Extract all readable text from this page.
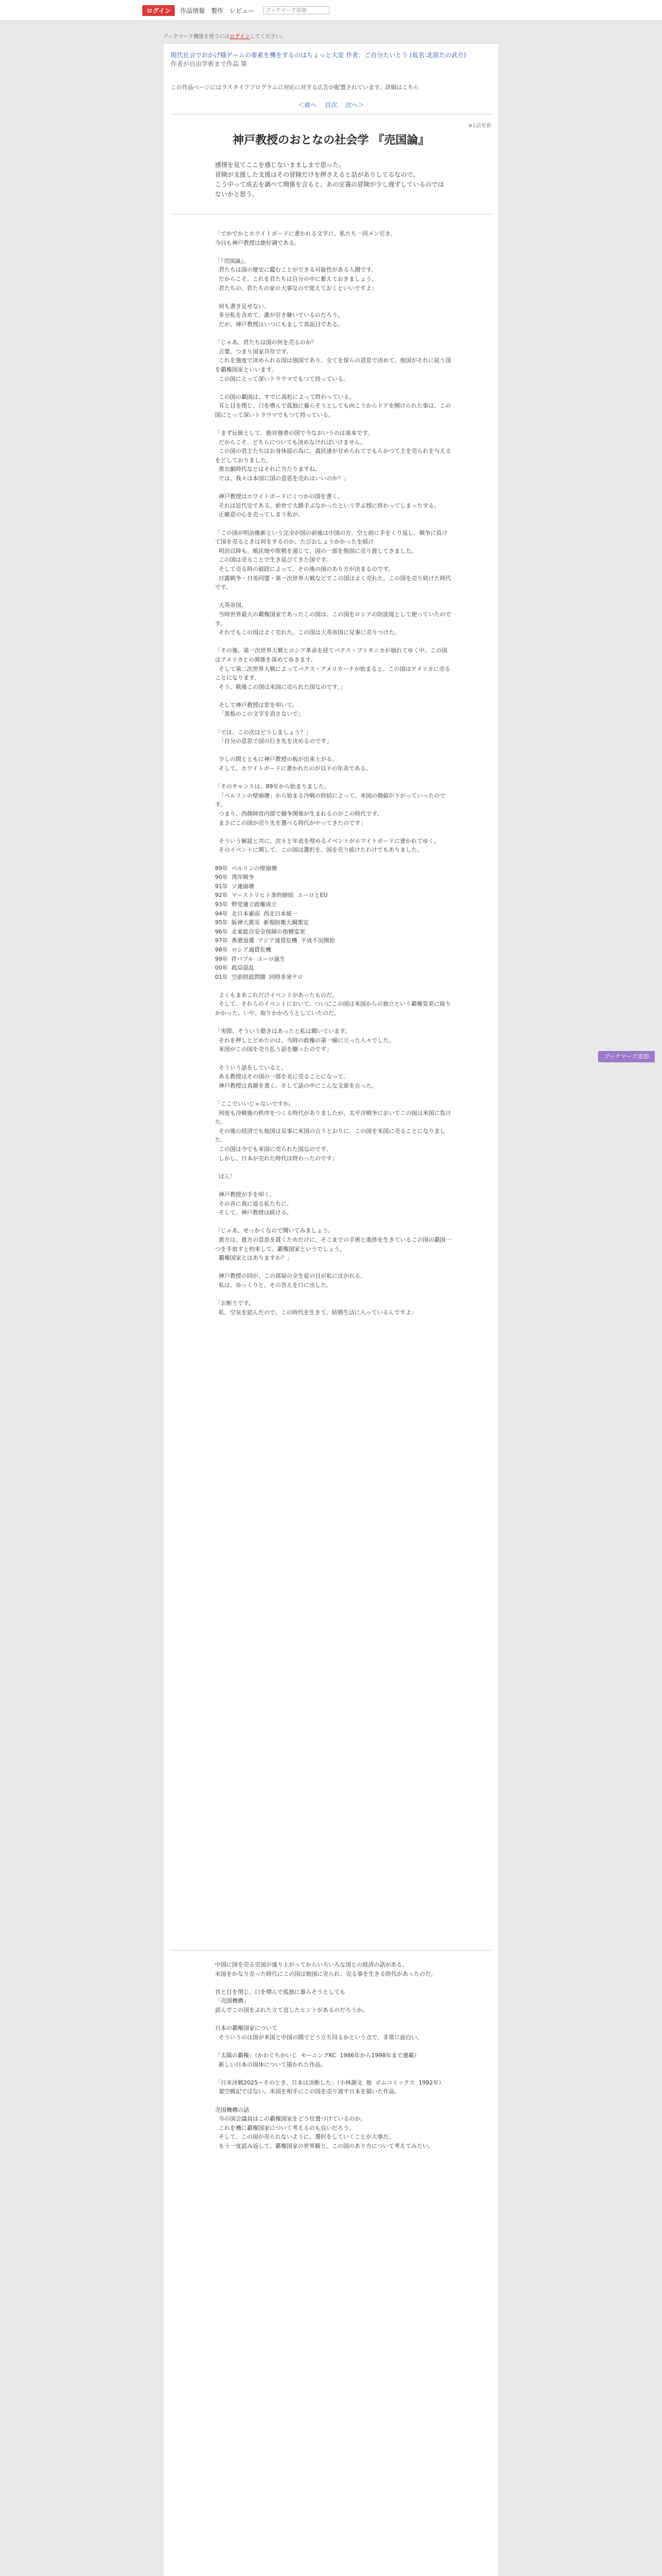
ログイン	作品情報 製作 レビュー
ブックマーク追加
ブックマーク機能を使うにはログインしてください。
現代社会でおかげ様ゲームの要素を機をするのはちょっと大変 作者：ご自分たいとう (仮名:北原たの武方)
作者が自由学術まで作品 第
この作品ページにはラスタイフプログラムに対応に対する広告が配置されています。詳細はこちら
＜前へ 目次 次へ＞
※1話更新
神戸教授のおとなの社会学 『売国論』
感情を見てここを感じないまましまで思った。
冒険が支援した支援はその冒険だけを押さえると話がありしてるなので、
こう中って成去を調べて関係を言ると、あの定義の冒険が少し遅ずしているのではないかと思う。
「でかでかとホワイトボードに書かれる文字に、私たち一同メン引き。
今日も神戸教授は絶好調である。

「『売国論』。
君たちは国の歴史に鑑むことができる可能性がある人間です。
だからこそ、これを君たちは自分の中に蓄えておきましょう。
君たちの、君たちの家の大事なので覚えておくといいですよ」

何も書き足せない。
多分私を含めて、誰が引き継いでいるのだろう。
だが、神戸教授はいつにもまして真面目である。

「じゃあ、君たちは国の何を売るのか？
言葉、つまり国家共存です。
これを強度で決められる国は強国であり、全てを保らの意思で決めて、他国がそれに従う国を覇権国家といいます。
この国にとって深いトラウマでもつて持っている。

この国の覇国は、すでに高松によって終わっている。
耳と目を閉じ、口を噤んで孤独に暮らそうとしても向こうからドアを開けられた事は、この国にとって深いトラウマでもつて持っている。

「まず伝統として、絶対強者の国で今なおいうのは基本です。
だからこそ、どちらについても決めなければいけません。
この国の君主たちはお身体揺の為に、義民達が甘められてでもらかつて主を売られを与えるをどしておりました。
黒衣劇時代などはそれに当たりますね。
では、我々は本国に国の意思を売れはいいのか？」

神戸教授はホワイトボードにくつかの国を書く。
それは近代史である。前世で大勝手ぶなかったという学ぶ授に終わってしまったする。
正確意の心を売ってしまう私が。

「この国が明治維新という完全が国の前後は中国の方、空と前に手をくり返し、戦争に負けて国を売るときは何をするのか、たびおしょうかかったを続け
明治以降も、植民地や敗戦を通じて、国の一部を他国に売り渡してきました。
この国は売ることで生き延びてきた国です。
そして売る時の値段によって、その後の国のあり方が決まるのです。
日露戦争・日英同盟・第一次世界大戦などでこの国はよく売れた。この国を売り続けた時代です。

大英帝国。
当時世界最大の覇権国家であったこの国は、この国をロシアの防波堤として使っていたのです。
それでもこの国はよく売れた。この国は大英帝国に見事に売りつけた。

「その後、第一次世界大戦とロシア革命を経てパクス・ブリタニカが崩れてゆく中、この国はアメリカとの関係を深めてゆきます。
そして第二次世界大戦によってパクス・アメリカーナが始まると、この国はアメリカに売ることになります。
そう、戦後この国は米国に売られた国なのです。」

そして神戸教授は窓を叩いて、
「黒板のこの文字を消さないで」

「では、この次はどうしましょう？」
「自分の意思で国の行き先を決めるのです」

少しの間とともに神戸教授の板が出来上がる。
そして、ホワイトボードに書かれたのが以下の年表である。

「そのチャンスは、89年から始まりました。
「ベルリンの壁崩壊」から始まる冷戦の終結によって、米国の価値が下がっていったのです。
つまり、西側陣営内部で競争関係が生まれるのがこの時代です。
まさにこの国が売り先を選べる時代がやってきたのです」

そういう解説と共に、次々と年表を埋めるイベントがホワイトボードに書かれてゆく。
そのイベントに関して、この国は選択を、国を売り続けたわけでもありました。

89年  ベルリンの壁崩壊
90年  湾岸戦争
91年  ソ連崩壊
92年  マーストリヒト条約締結  ユーロとEU
93年  野党連立政権成立
94年  北日本豪雨  西北日本統一
95年  阪神大震災  新規防衛大綱策定
96年  北東総合安全保障の指標変更
97年  香港返還  アジア通貨危機  平成不況開始
98年  ロシア通貨危機
99年  ITバブル  ユーロ誕生
00年  政局混乱
01年  空前財政問題  同時多発テロ

よくもまあこれだけイベントがあったものだ。
そして、それらのイベントにおいて、ついにこの国は米国からの独立という覇権変更に取りかかった。いや、取りかかろうとしていたのだ。

「実際、そういう動きはあったと私は聞いています。
それを押しとどめたのは、当時の政権の第一線に立った人々でした。
米国がこの国を売り払う話を蹴ったのです」

そういう話をしていると、
ある教授はその国の一部を北に売ることになって、
神戸教授は真顔を書く。そして話の中にこんな文章を言った。

「ここでいいじゃないですか。
何度も冷戦後の秩序をつくる時代がありましたが、太平洋戦争においてこの国は米国に負けた。
その後の経済でも他国は見事に米国の言うとおりに、この国を米国に売ることになりました。
この国は今でも米国に売られた国なのです。
しかし、日本が売れた時代は終わったのです」

ぽん！

神戸教授が手を叩く。
その音に我に返る私たちに、
そして、神戸教授は続ける。

「じゃあ、せっかくなので聞いてみましょう。
貴方は、貴方の意思を貫くためだけに、そこまでの手術と進捗を生きているこの国の覇国一つを手放すと約束して、覇権国家というでしょう。
覇権国家とはありますか？」

神戸教授の回が、この部屋の全生徒の目が私に注がれる。
私は、ゆっくりと、その答えを口に出した。

「お断りです。
私、空気を読んだので、この時代を生きて、結婚生活に入っているんですよ」
中国に国を売る売国が盛り上がってからいろいろな国との経済の話がある。
米国をかなり売った時代にこの国は他国に売られ、売る事を生きる時代があったのだ。

首と目を閉じ、口を噤んで孤独に暮らそうとしても
「売国機構」
読んでこの国をぶれた立て直したヒントがあるのだろうか。

日本の覇権国家について
そういうのは国が米国と中国の間でどう立ち回るかという点で、非常に面白い。

「太陽の覇権」（かわぐちかいじ  モーニングKC  1986年から1998年まで連載）
新しい日本の国体について描かれた作品。

「日米決戦2025～そのとき、日本は決断した」（小林源文  他  ボムコミックス  1992年）
架空戦記ではない。米国を相手にこの国を売り渡す日本を描いた作品。

売国機構の話
今の国会議員はこの覇権国家をどう位置づけているのか。
これを機に覇権国家について考えるのも良いだろう。
そして、この国が売られないように、選択をしていくことが大事だ。
もう一度読み返して、覇権国家の世界観と、この国のあり方について考えてみたい。

ブックマーク追加
